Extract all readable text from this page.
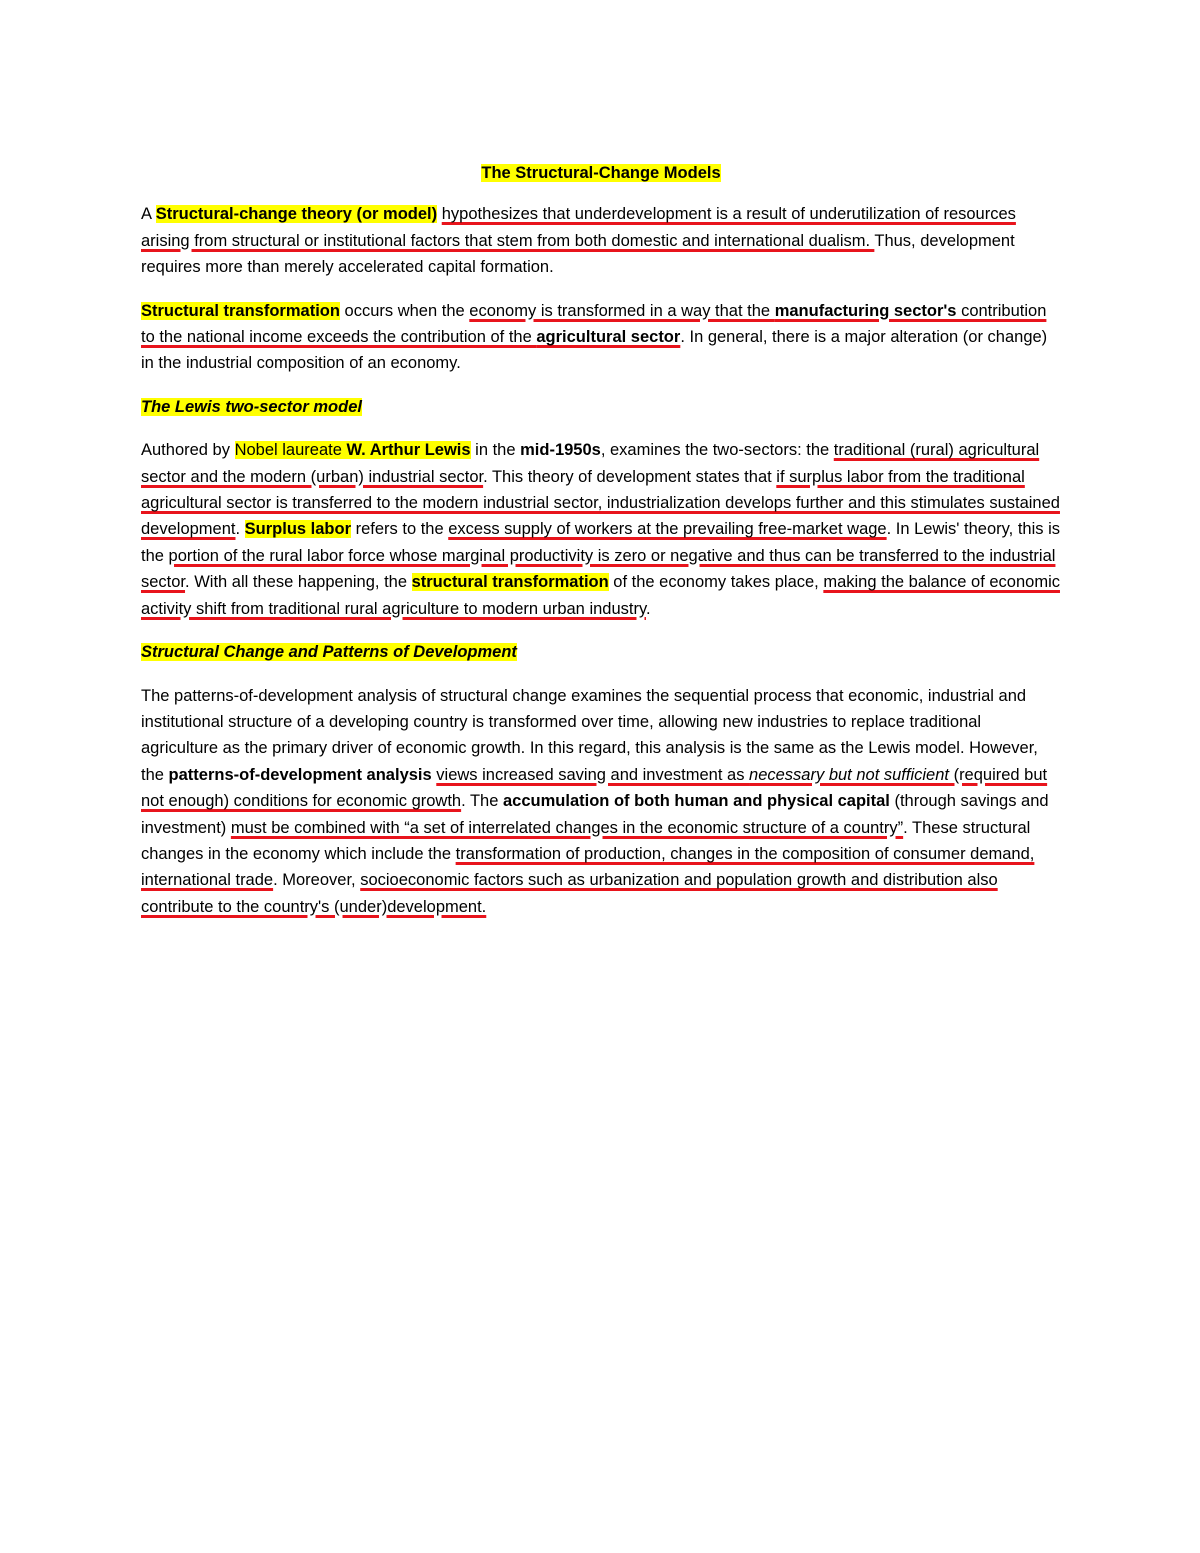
The Structural-Change Models

A Structural-change theory (or model) hypothesizes that underdevelopment is a result of underutilization of resources arising from structural or institutional factors that stem from both domestic and international dualism. Thus, development requires more than merely accelerated capital formation.

Structural transformation occurs when the economy is transformed in a way that the manufacturing sector's contribution to the national income exceeds the contribution of the agricultural sector. In general, there is a major alteration (or change) in the industrial composition of an economy.

The Lewis two-sector model

Authored by Nobel laureate W. Arthur Lewis in the mid-1950s, examines the two-sectors: the traditional (rural) agricultural sector and the modern (urban) industrial sector. This theory of development states that if surplus labor from the traditional agricultural sector is transferred to the modern industrial sector, industrialization develops further and this stimulates sustained development. Surplus labor refers to the excess supply of workers at the prevailing free-market wage. In Lewis' theory, this is the portion of the rural labor force whose marginal productivity is zero or negative and thus can be transferred to the industrial sector. With all these happening, the structural transformation of the economy takes place, making the balance of economic activity shift from traditional rural agriculture to modern urban industry.

Structural Change and Patterns of Development

The patterns-of-development analysis of structural change examines the sequential process that economic, industrial and institutional structure of a developing country is transformed over time, allowing new industries to replace traditional agriculture as the primary driver of economic growth. In this regard, this analysis is the same as the Lewis model. However, the patterns-of-development analysis views increased saving and investment as necessary but not sufficient (required but not enough) conditions for economic growth. The accumulation of both human and physical capital (through savings and investment) must be combined with “a set of interrelated changes in the economic structure of a country”. These structural changes in the economy which include the transformation of production, changes in the composition of consumer demand, international trade. Moreover, socioeconomic factors such as urbanization and population growth and distribution also contribute to the country's (under)development.
